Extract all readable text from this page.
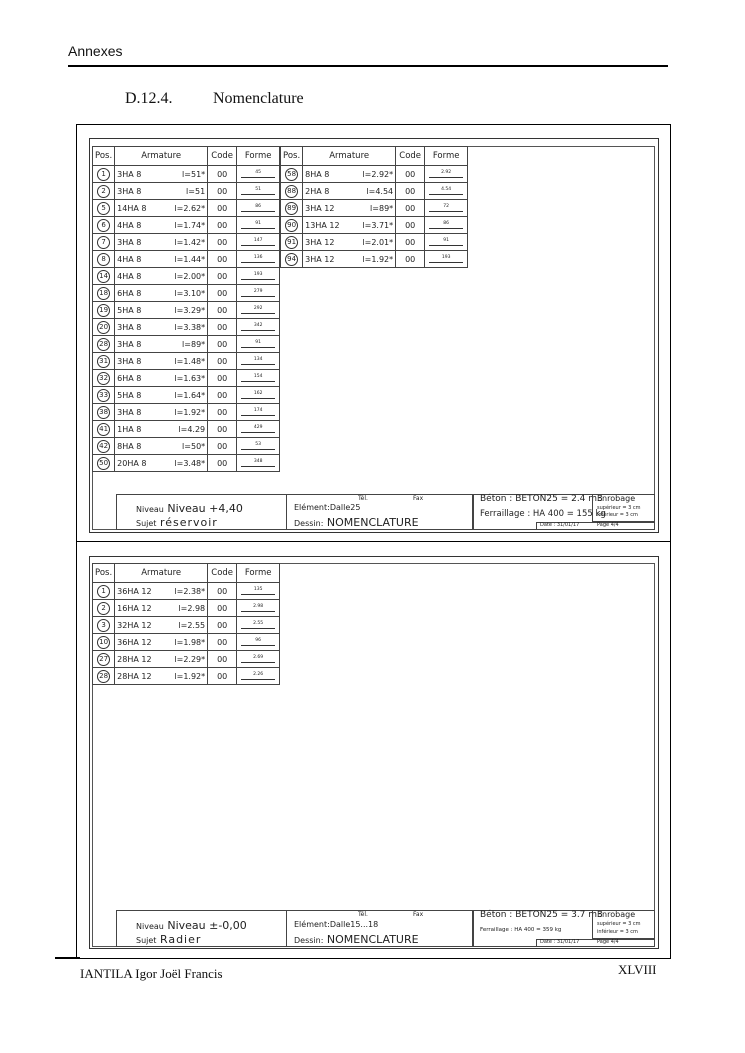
Annexes
D.12.4.	Nomenclature
Pos.	Armature	Code	Forme
1	3HA 8 l=51*	00	45

2	3HA 8 l=51	00	51

5	14HA 8 l=2.62*	00	86

6	4HA 8 l=1.74*	00	91

7	3HA 8 l=1.42*	00	147

8	4HA 8 l=1.44*	00	136

14	4HA 8 l=2.00*	00	193

18	6HA 8 l=3.10*	00	279

19	5HA 8 l=3.29*	00	292

20	3HA 8 l=3.38*	00	342

28	3HA 8 l=89*	00	91

31	3HA 8 l=1.48*	00	134

32	6HA 8 l=1.63*	00	154

33	5HA 8 l=1.64*	00	162

38	3HA 8 l=1.92*	00	174

41	1HA 8 l=4.29	00	429

42	8HA 8 l=50*	00	53

50	20HA 8 l=3.48*	00	348
Pos.	Armature	Code	Forme
58	8HA 8 l=2.92*	00	2.92

88	2HA 8 l=4.54	00	4.54

89	3HA 12 l=89*	00	72

90	13HA 12 l=3.71*	00	86

91	3HA 12 l=2.01*	00	91

94	3HA 12 l=1.92*	00	193
Tél.	Fax
Niveau Niveau +4,40
Sujet réservoir
Elément:Dalle25
Dessin: NOMENCLATURE
Béton : BETON25 = 2.4 m3
Ferraillage : HA 400 = 155 kg
Enrobage
supérieur = 3 cm
inférieur = 3 cm
Date : 31/01/17	Page 4/4
Pos.	Armature	Code	Forme
1	36HA 12 l=2.38*	00	135

2	16HA 12 l=2.98	00	2.98

3	32HA 12 l=2.55	00	2.55

10	36HA 12 l=1.98*	00	96

27	28HA 12 l=2.29*	00	2.69

28	28HA 12 l=1.92*	00	2.26
Tél.	Fax
Niveau Niveau ±-0,00
Sujet Radier
Elément:Dalle15...18
Dessin: NOMENCLATURE
Béton : BETON25 = 3.7 m3
Ferraillage : HA 400 = 359 kg
Enrobage
supérieur = 3 cm
inférieur = 3 cm
Date : 31/01/17	Page 4/4
IANTILA Igor Joël Francis	XLVIII
